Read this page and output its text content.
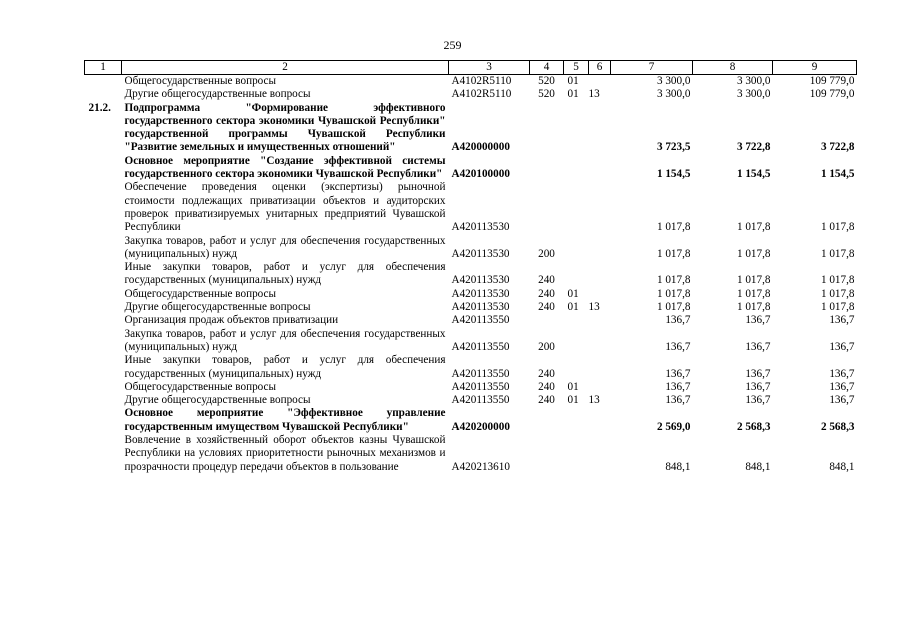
259
1	2	3	4	5	6	7	8	9
	Общегосударственные вопросы	A4102R5110	520	01		3 300,0	3 300,0	109 779,0
	Другие общегосударственные вопросы	A4102R5110	520	01	13	3 300,0	3 300,0	109 779,0
21.2.	Подпрограмма "Формирование эффективного государственного сектора экономики Чувашской Республики" государственной программы Чувашской Республики "Развитие земельных и имущественных отношений"	A420000000				3 723,5	3 722,8	3 722,8
	Основное мероприятие "Создание эффективной системы государственного сектора экономики Чувашской Республики"	A420100000				1 154,5	1 154,5	1 154,5
	Обеспечение проведения оценки (экспертизы) рыночной стоимости подлежащих приватизации объектов и аудиторских проверок приватизируемых унитарных предприятий Чувашской Республики	A420113530				1 017,8	1 017,8	1 017,8
	Закупка товаров, работ и услуг для обеспечения государственных (муниципальных) нужд	A420113530	200			1 017,8	1 017,8	1 017,8
	Иные закупки товаров, работ и услуг для обеспечения государственных (муниципальных) нужд	A420113530	240			1 017,8	1 017,8	1 017,8
	Общегосударственные вопросы	A420113530	240	01		1 017,8	1 017,8	1 017,8
	Другие общегосударственные вопросы	A420113530	240	01	13	1 017,8	1 017,8	1 017,8
	Организация продаж объектов приватизации	A420113550				136,7	136,7	136,7
	Закупка товаров, работ и услуг для обеспечения государственных (муниципальных) нужд	A420113550	200			136,7	136,7	136,7
	Иные закупки товаров, работ и услуг для обеспечения государственных (муниципальных) нужд	A420113550	240			136,7	136,7	136,7
	Общегосударственные вопросы	A420113550	240	01		136,7	136,7	136,7
	Другие общегосударственные вопросы	A420113550	240	01	13	136,7	136,7	136,7
	Основное мероприятие "Эффективное управление государственным имуществом Чувашской Республики"	A420200000				2 569,0	2 568,3	2 568,3
	Вовлечение в хозяйственный оборот объектов казны Чувашской Республики на условиях приоритетности рыночных механизмов и прозрачности процедур передачи объектов в пользование	A420213610				848,1	848,1	848,1
